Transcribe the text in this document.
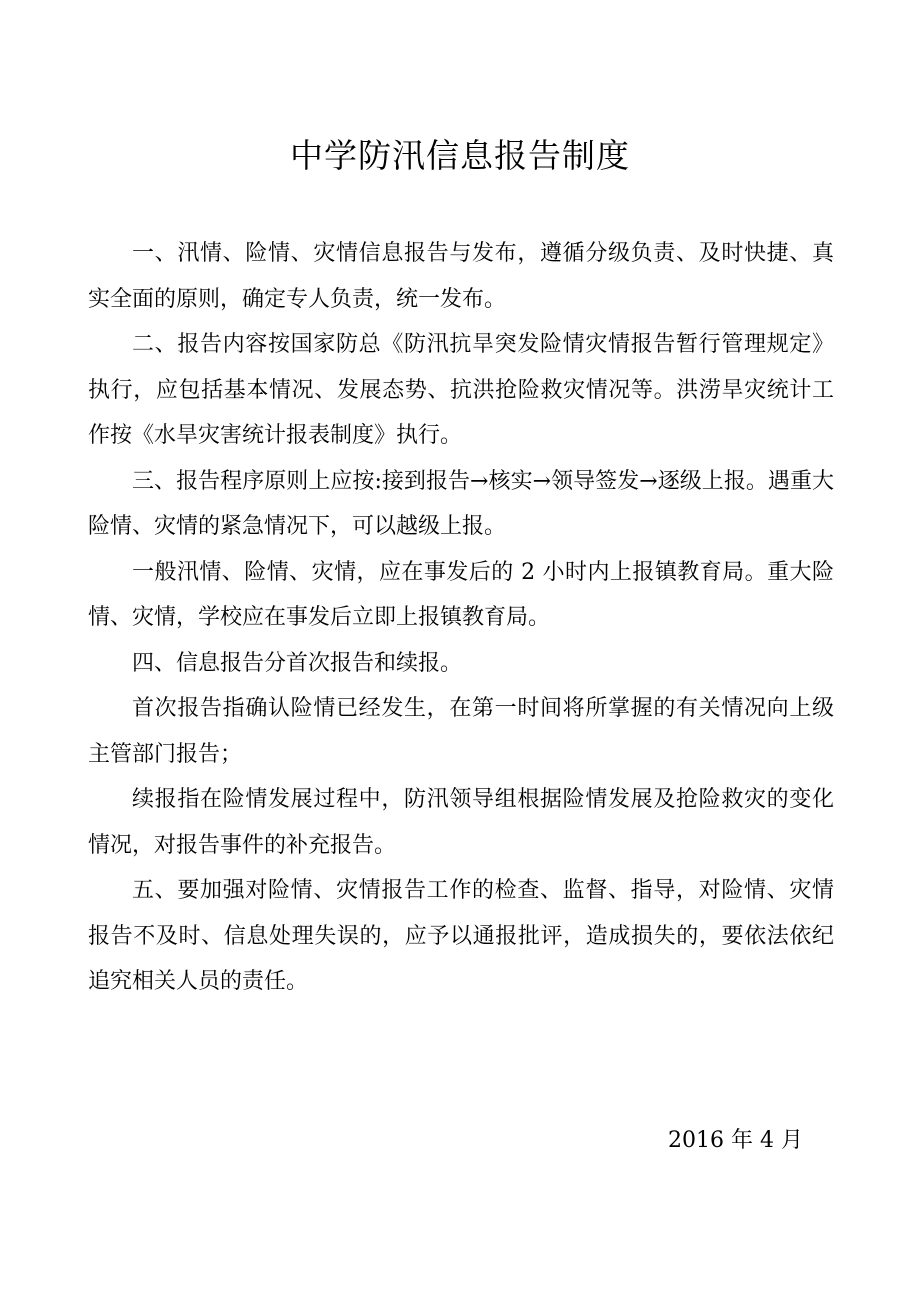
中学防汛信息报告制度

一、汛情、险情、灾情信息报告与发布，遵循分级负责、及时快捷、真实全面的原则，确定专人负责，统一发布。

二、报告内容按国家防总《防汛抗旱突发险情灾情报告暂行管理规定》执行，应包括基本情况、发展态势、抗洪抢险救灾情况等。洪涝旱灾统计工作按《水旱灾害统计报表制度》执行。

三、报告程序原则上应按:接到报告→核实→领导签发→逐级上报。遇重大险情、灾情的紧急情况下，可以越级上报。

一般汛情、险情、灾情，应在事发后的 2 小时内上报镇教育局。重大险情、灾情，学校应在事发后立即上报镇教育局。

四、信息报告分首次报告和续报。

首次报告指确认险情已经发生，在第一时间将所掌握的有关情况向上级主管部门报告；

续报指在险情发展过程中，防汛领导组根据险情发展及抢险救灾的变化情况，对报告事件的补充报告。

五、要加强对险情、灾情报告工作的检查、监督、指导，对险情、灾情报告不及时、信息处理失误的，应予以通报批评，造成损失的，要依法依纪追究相关人员的责任。

2016 年 4 月
